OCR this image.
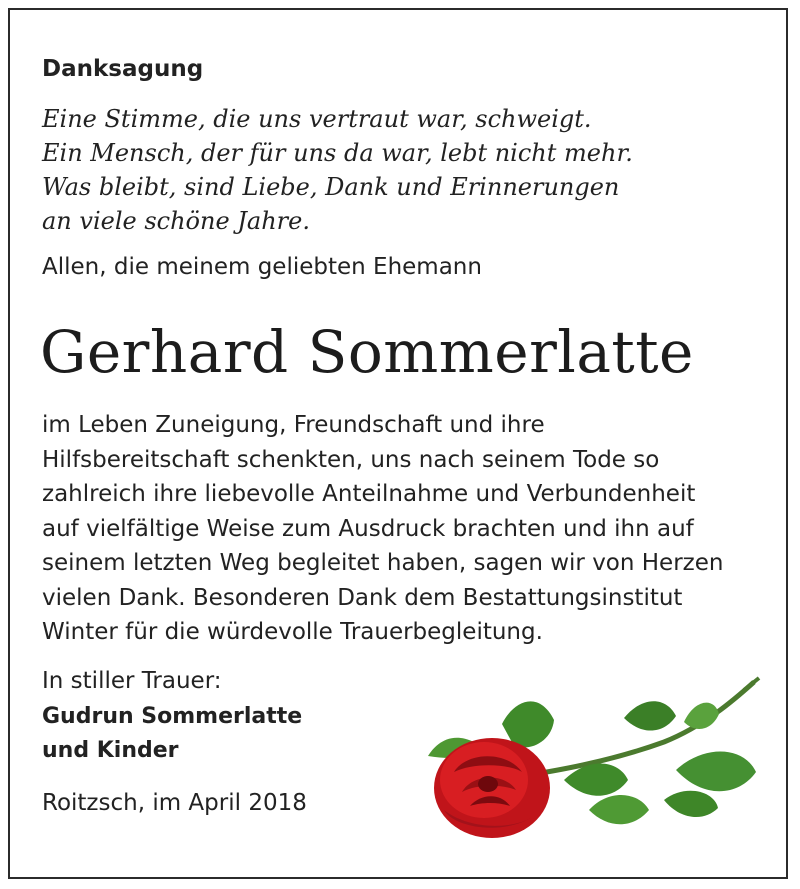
Danksagung
Eine Stimme, die uns vertraut war, schweigt.
Ein Mensch, der für uns da war, lebt nicht mehr.
Was bleibt, sind Liebe, Dank und Erinnerungen
an viele schöne Jahre.
Allen, die meinem geliebten Ehemann
Gerhard Sommerlatte
im Leben Zuneigung, Freundschaft und ihre
Hilfsbereitschaft schenkten, uns nach seinem Tode so
zahlreich ihre liebevolle Anteilnahme und Verbundenheit
auf vielfältige Weise zum Ausdruck brachten und ihn auf
seinem letzten Weg begleitet haben, sagen wir von Herzen
vielen Dank. Besonderen Dank dem Bestattungsinstitut
Winter für die würdevolle Trauerbegleitung.
In stiller Trauer:
Gudrun Sommerlatte
und Kinder
Roitzsch, im April 2018
